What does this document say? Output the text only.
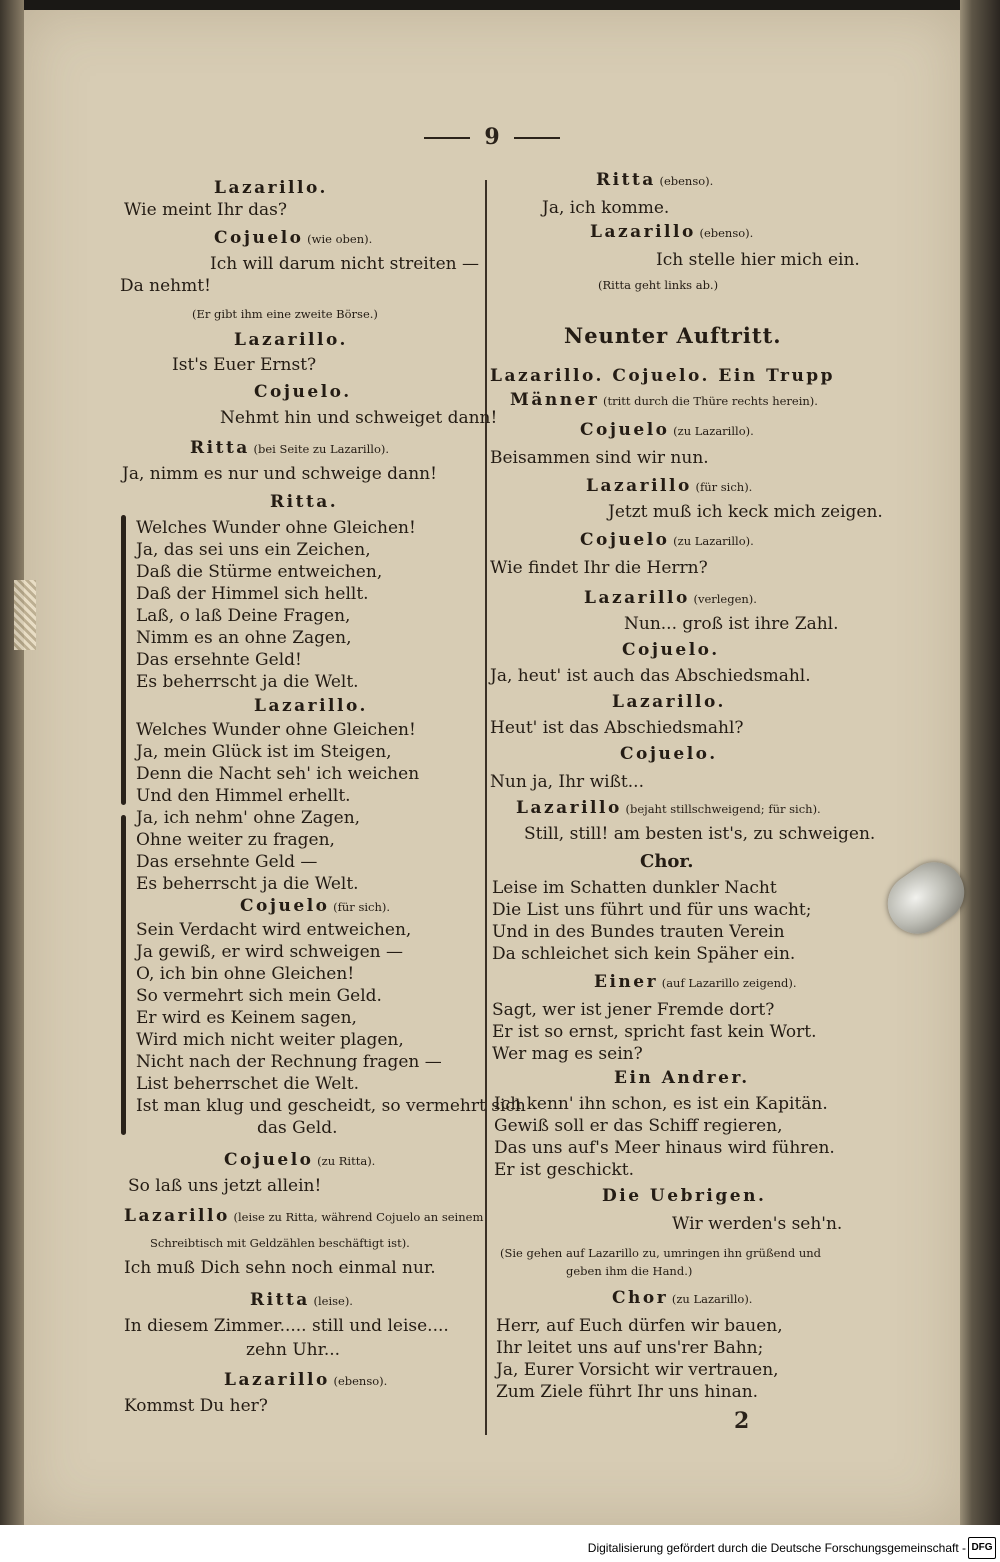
9
Lazarillo.
Wie meint Ihr das?
Cojuelo (wie oben).
Ich will darum nicht streiten —
Da nehmt!
(Er gibt ihm eine zweite Börse.)
Lazarillo.
Ist's Euer Ernst?
Cojuelo.
Nehmt hin und schweiget dann!
Ritta (bei Seite zu Lazarillo).
Ja, nimm es nur und schweige dann!
Ritta.
Welches Wunder ohne Gleichen!
Ja, das sei uns ein Zeichen,
Daß die Stürme entweichen,
Daß der Himmel sich hellt.
Laß, o laß Deine Fragen,
Nimm es an ohne Zagen,
Das ersehnte Geld!
Es beherrscht ja die Welt.
Lazarillo.
Welches Wunder ohne Gleichen!
Ja, mein Glück ist im Steigen,
Denn die Nacht seh' ich weichen
Und den Himmel erhellt.
Ja, ich nehm' ohne Zagen,
Ohne weiter zu fragen,
Das ersehnte Geld —
Es beherrscht ja die Welt.
Cojuelo (für sich).
Sein Verdacht wird entweichen,
Ja gewiß, er wird schweigen —
O, ich bin ohne Gleichen!
So vermehrt sich mein Geld.
Er wird es Keinem sagen,
Wird mich nicht weiter plagen,
Nicht nach der Rechnung fragen —
List beherrschet die Welt.
Ist man klug und gescheidt, so vermehrt sich
das Geld.
Cojuelo (zu Ritta).
So laß uns jetzt allein!
Lazarillo (leise zu Ritta, während Cojuelo an seinem
Schreibtisch mit Geldzählen beschäftigt ist).
Ich muß Dich sehn noch einmal nur.
Ritta (leise).
In diesem Zimmer..... still und leise....
zehn Uhr...
Lazarillo (ebenso).
Kommst Du her?
Ritta (ebenso).
Ja, ich komme.
Lazarillo (ebenso).
Ich stelle hier mich ein.
(Ritta geht links ab.)
Neunter Auftritt.
Lazarillo. Cojuelo. Ein Trupp
Männer (tritt durch die Thüre rechts herein).
Cojuelo (zu Lazarillo).
Beisammen sind wir nun.
Lazarillo (für sich).
Jetzt muß ich keck mich zeigen.
Cojuelo (zu Lazarillo).
Wie findet Ihr die Herrn?
Lazarillo (verlegen).
Nun... groß ist ihre Zahl.
Cojuelo.
Ja, heut' ist auch das Abschiedsmahl.
Lazarillo.
Heut' ist das Abschiedsmahl?
Cojuelo.
Nun ja, Ihr wißt...
Lazarillo (bejaht stillschweigend; für sich).
Still, still! am besten ist's, zu schweigen.
Chor.
Leise im Schatten dunkler Nacht
Die List uns führt und für uns wacht;
Und in des Bundes trauten Verein
Da schleichet sich kein Späher ein.
Einer (auf Lazarillo zeigend).
Sagt, wer ist jener Fremde dort?
Er ist so ernst, spricht fast kein Wort.
Wer mag es sein?
Ein Andrer.
Ich kenn' ihn schon, es ist ein Kapitän.
Gewiß soll er das Schiff regieren,
Das uns auf's Meer hinaus wird führen.
Er ist geschickt.
Die Uebrigen.
Wir werden's seh'n.
(Sie gehen auf Lazarillo zu, umringen ihn grüßend und
geben ihm die Hand.)
Chor (zu Lazarillo).
Herr, auf Euch dürfen wir bauen,
Ihr leitet uns auf uns'rer Bahn;
Ja, Eurer Vorsicht wir vertrauen,
Zum Ziele führt Ihr uns hinan.
2
Digitalisierung gefördert durch die Deutsche Forschungsgemeinschaft - DFG
